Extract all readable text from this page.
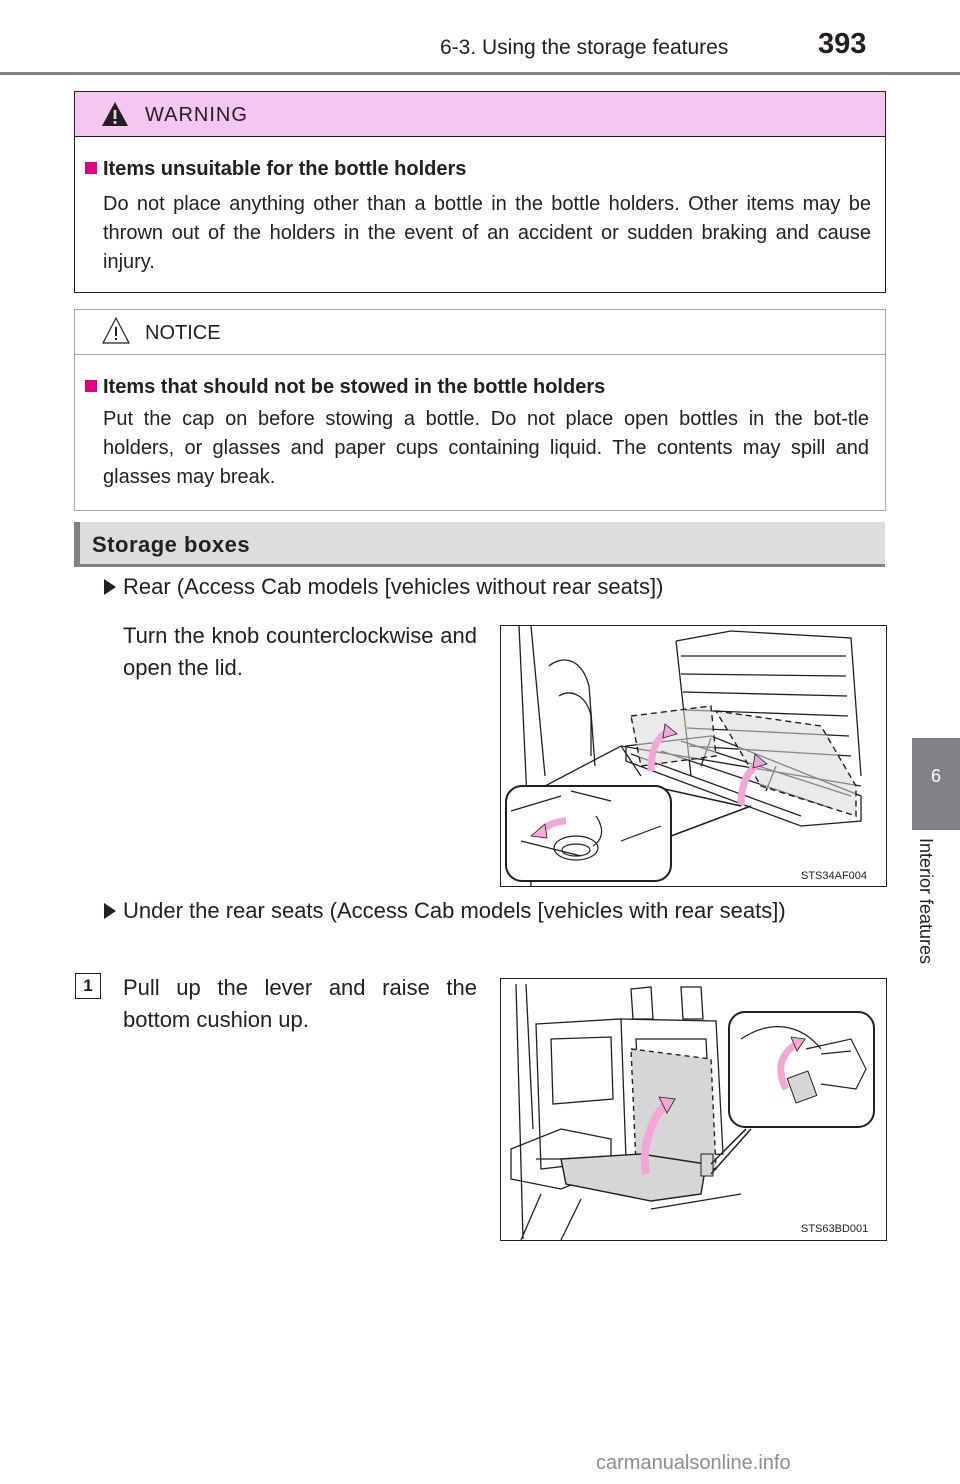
6-3. Using the storage features	393
6
Interior features
WARNING
Items unsuitable for the bottle holders
Do not place anything other than a bottle in the bottle holders. Other items may be thrown out of the holders in the event of an accident or sudden braking and cause injury.
NOTICE
Items that should not be stowed in the bottle holders
Put the cap on before stowing a bottle. Do not place open bottles in the bot-tle holders, or glasses and paper cups containing liquid. The contents may spill and glasses may break.
Storage boxes
Rear (Access Cab models [vehicles without rear seats])
Turn the knob counterclockwise and open the lid.
STS34AF004
Under the rear seats (Access Cab models [vehicles with rear seats])
1	Pull up the lever and raise the bottom cushion up.
STS63BD001
carmanualsonline.info
